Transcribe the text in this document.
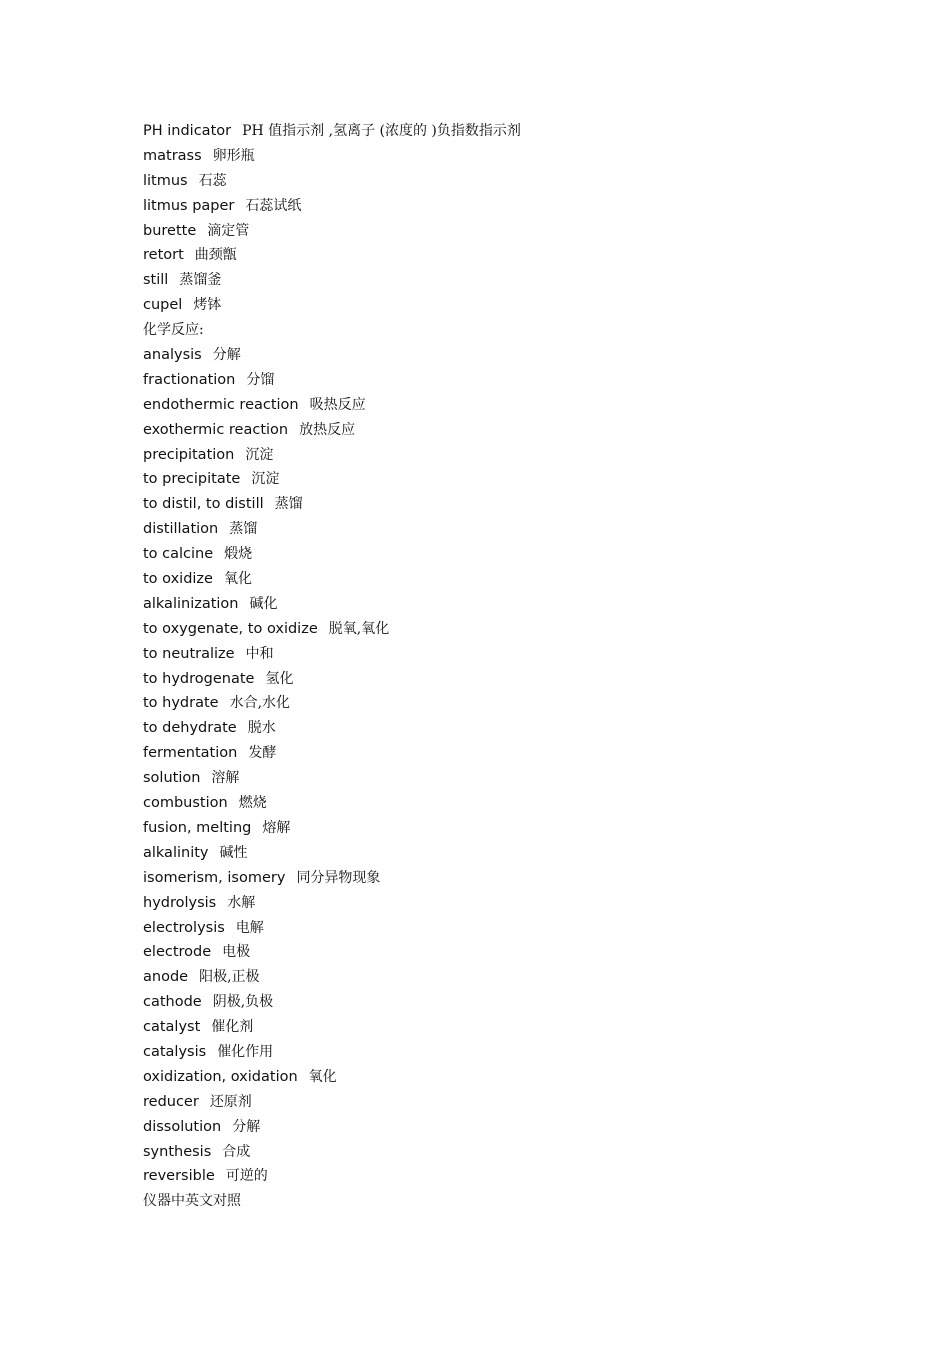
PH indicator PH 值指示剂 ,氢离子 (浓度的 )负指数指示剂
matrass 卵形瓶
litmus 石蕊
litmus paper 石蕊试纸
burette 滴定管
retort 曲颈甑
still 蒸馏釜
cupel 烤钵
化学反应:
analysis 分解
fractionation 分馏
endothermic reaction 吸热反应
exothermic reaction 放热反应
precipitation 沉淀
to precipitate 沉淀
to distil, to distill 蒸馏
distillation 蒸馏
to calcine 煅烧
to oxidize 氧化
alkalinization 碱化
to oxygenate, to oxidize 脱氧,氧化
to neutralize 中和
to hydrogenate 氢化
to hydrate 水合,水化
to dehydrate 脱水
fermentation 发酵
solution 溶解
combustion 燃烧
fusion, melting 熔解
alkalinity 碱性
isomerism, isomery 同分异物现象
hydrolysis 水解
electrolysis 电解
electrode 电极
anode 阳极,正极
cathode 阴极,负极
catalyst 催化剂
catalysis 催化作用
oxidization, oxidation 氧化
reducer 还原剂
dissolution 分解
synthesis 合成
reversible 可逆的
仪器中英文对照
